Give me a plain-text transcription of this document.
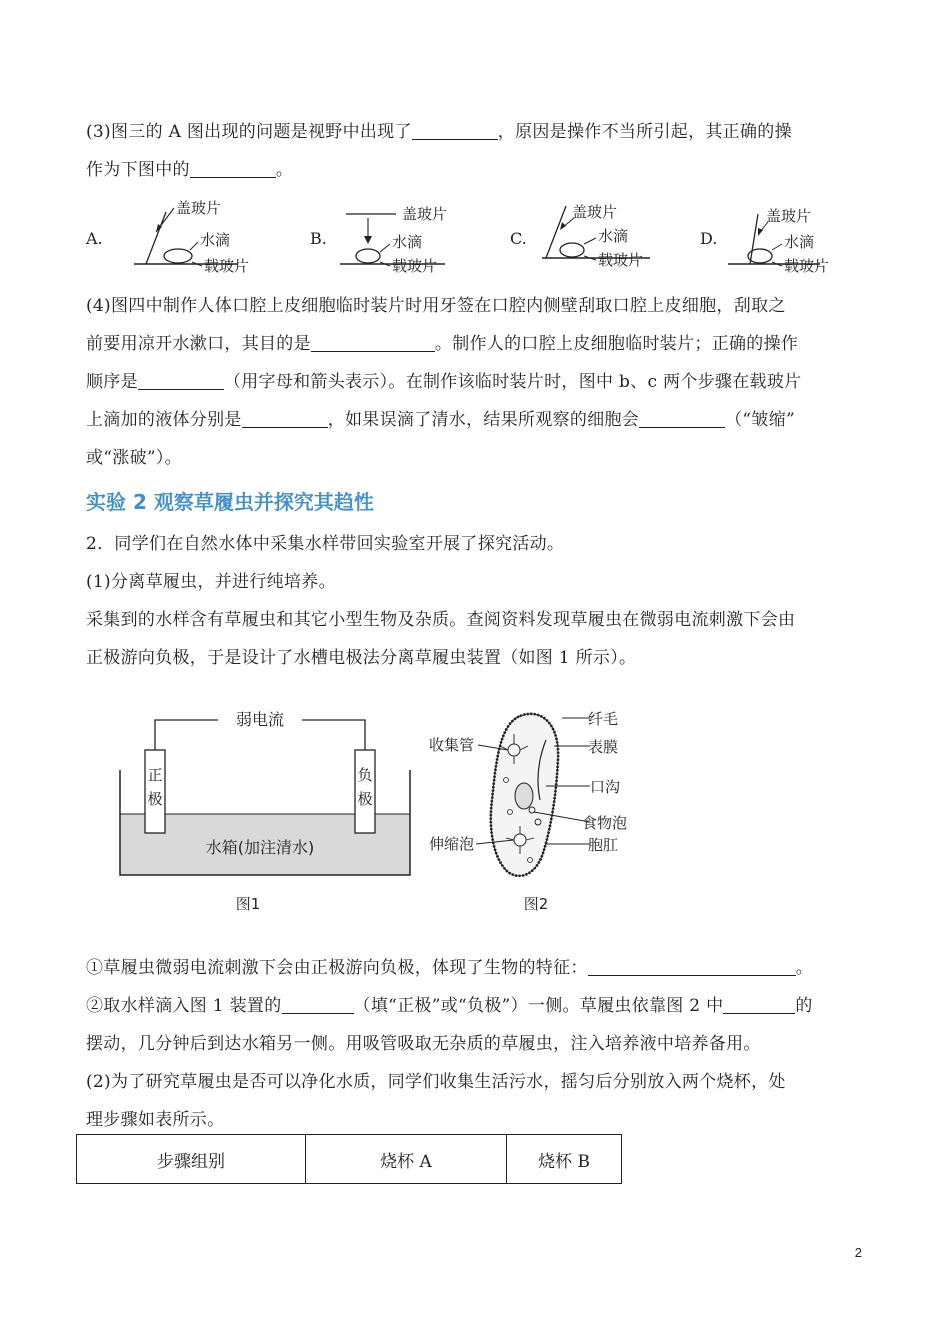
(3)图三的 A 图出现的问题是视野中出现了	，原因是操作不当所引起，其正确的操
作为下图中的	。
A.
盖玻片
水滴
载玻片
B.
盖玻片
水滴
载玻片
C.
盖玻片
水滴
载玻片
D.
盖玻片
水滴
载玻片
(4)图四中制作人体口腔上皮细胞临时装片时用牙签在口腔内侧壁刮取口腔上皮细胞，刮取之
前要用凉开水漱口，其目的是	。制作人的口腔上皮细胞临时装片；正确的操作
顺序是	（用字母和箭头表示）。在制作该临时装片时，图中 b、c 两个步骤在载玻片
上滴加的液体分别是	，如果误滴了清水，结果所观察的细胞会	（“皱缩”
或“涨破”）。
实验 2 观察草履虫并探究其趋性
2．同学们在自然水体中采集水样带回实验室开展了探究活动。
(1)分离草履虫，并进行纯培养。
采集到的水样含有草履虫和其它小型生物及杂质。查阅资料发现草履虫在微弱电流刺激下会由
正极游向负极，于是设计了水槽电极法分离草履虫装置（如图 1 所示）。
弱电流
正
极
负
极
水箱(加注清水)
图1
收集管
伸缩泡
纤毛
表膜
口沟
食物泡
胞肛
图2
①草履虫微弱电流刺激下会由正极游向负极，体现了生物的特征：	。
②取水样滴入图 1 装置的	（填“正极”或“负极”）一侧。草履虫依靠图 2 中	的
摆动，几分钟后到达水箱另一侧。用吸管吸取无杂质的草履虫，注入培养液中培养备用。
(2)为了研究草履虫是否可以净化水质，同学们收集生活污水，摇匀后分别放入两个烧杯，处
理步骤如表所示。
步骤组别	烧杯 A	烧杯 B
2
